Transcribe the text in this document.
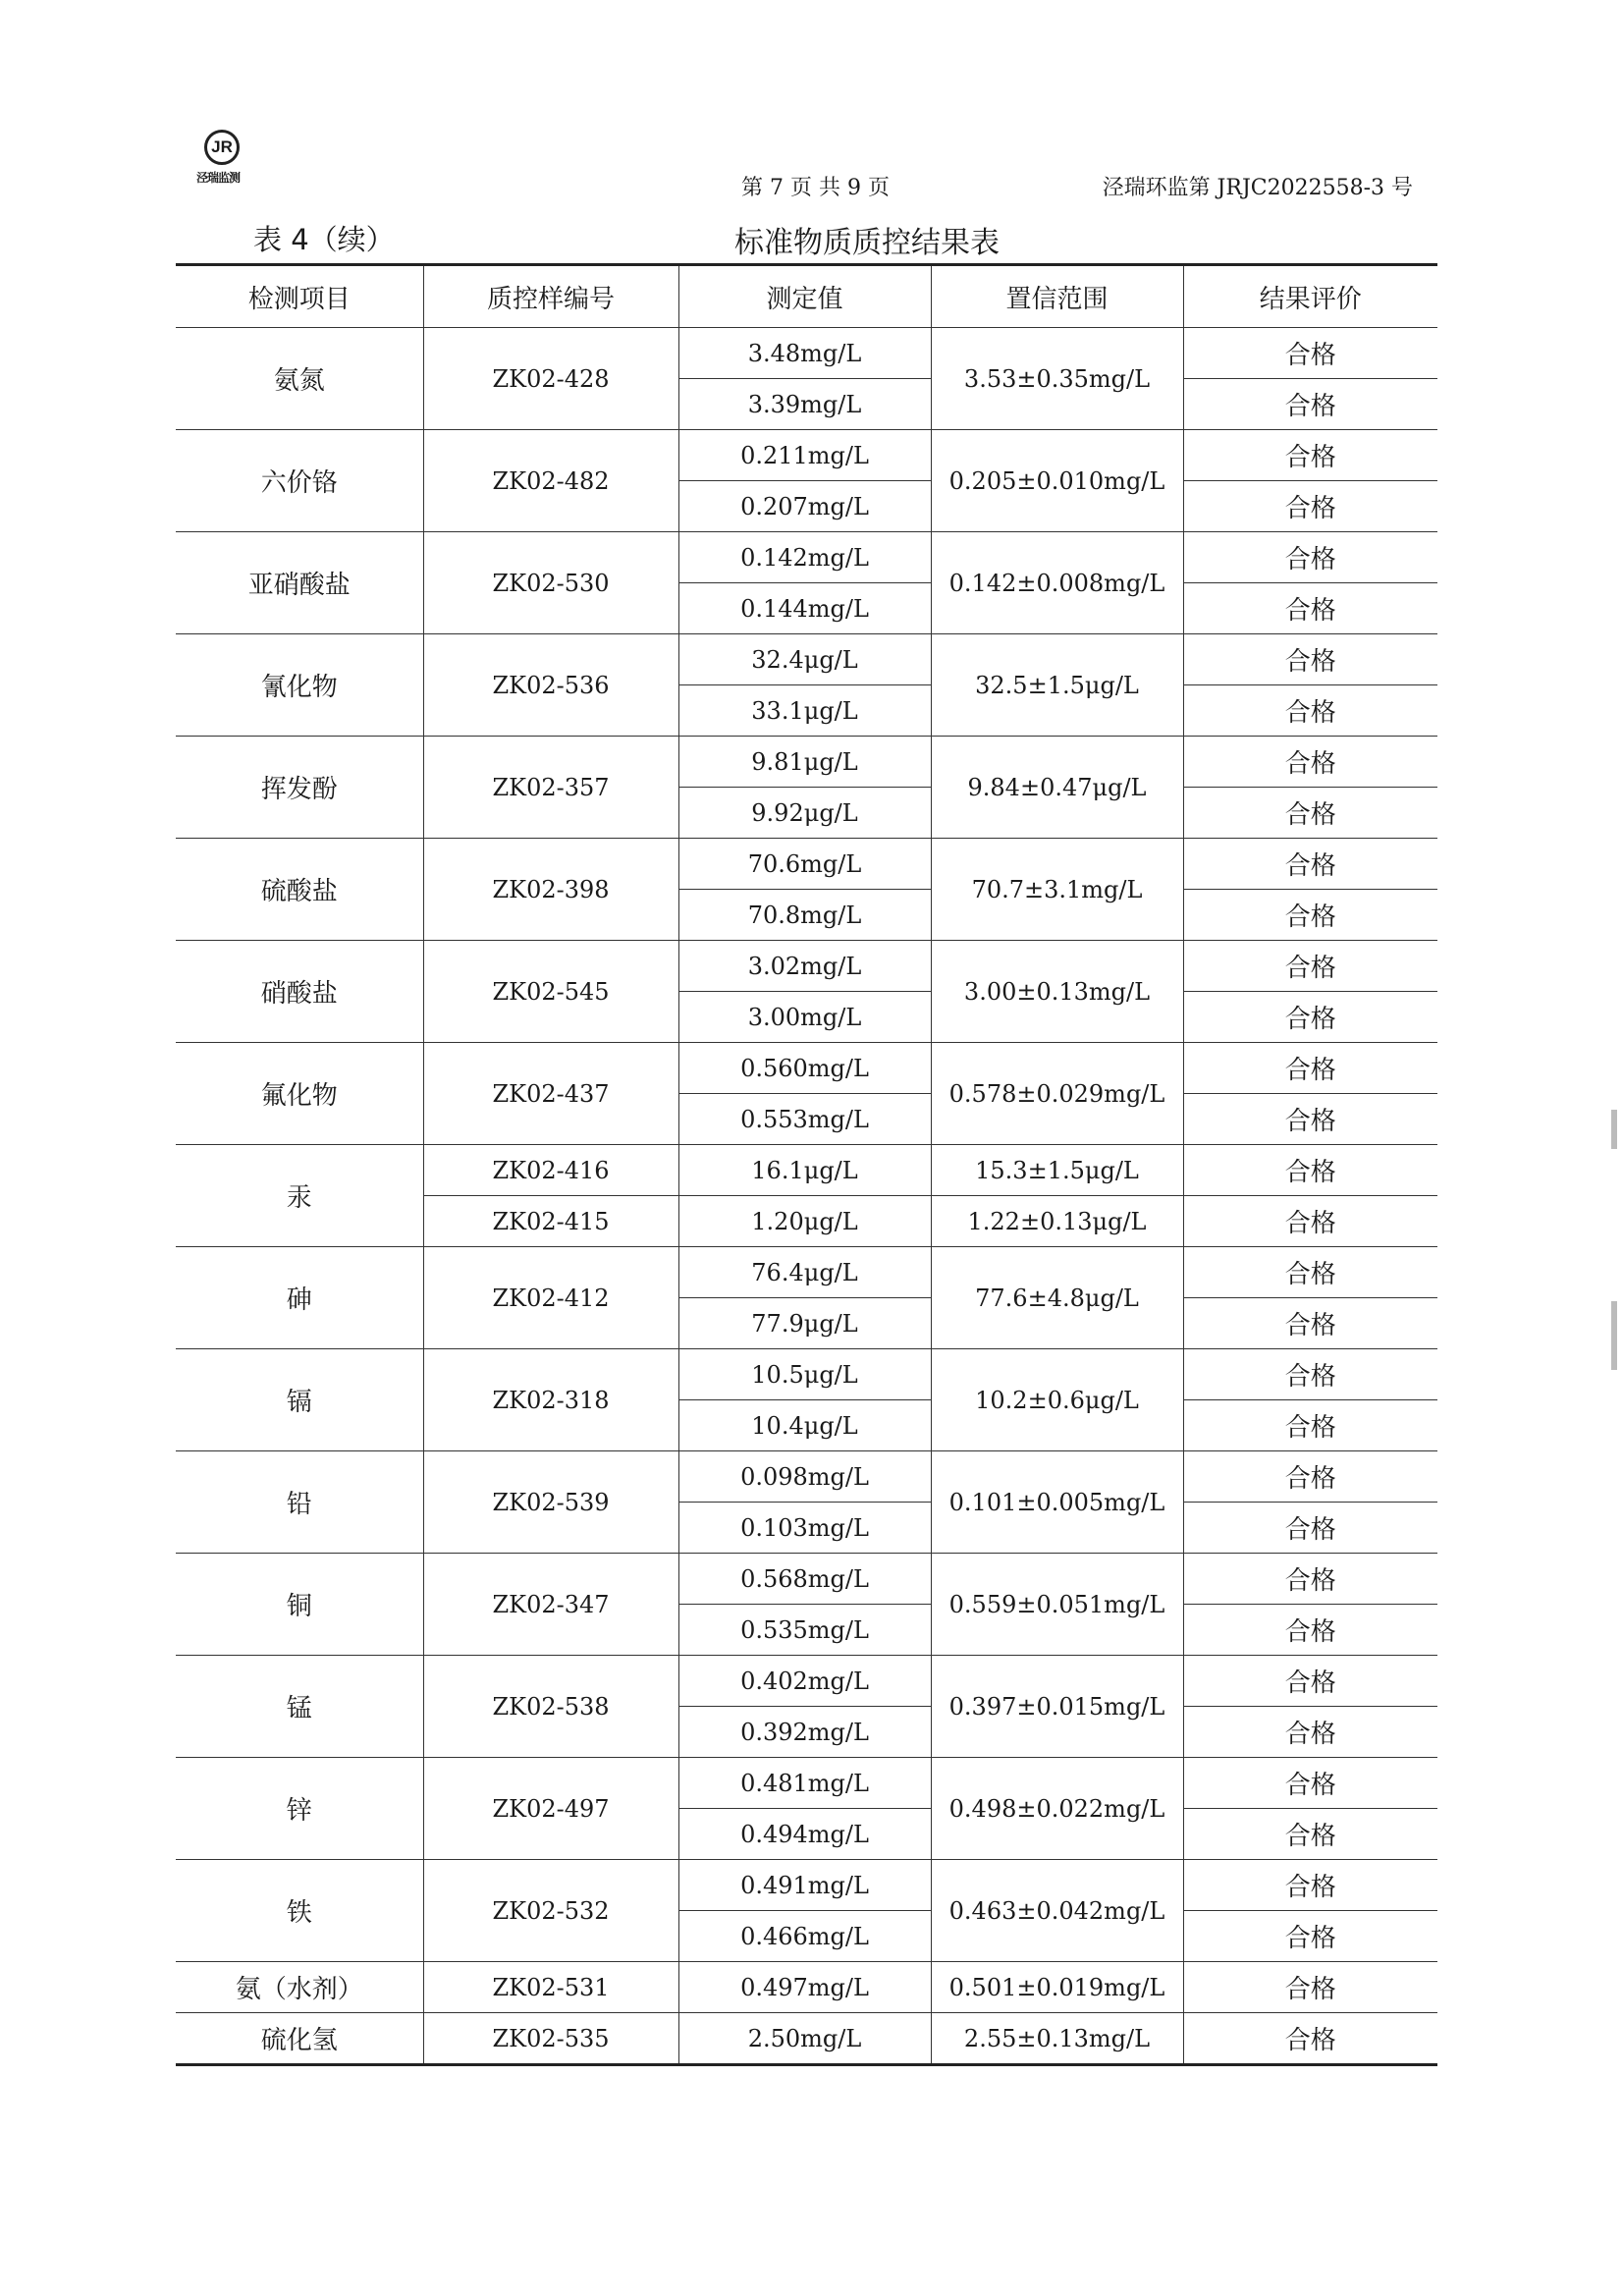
JR
泾瑞监测	第 7 页 共 9 页	泾瑞环监第 JRJC2022558-3 号
表 4（续）	标准物质质控结果表
检测项目	质控样编号	测定值	置信范围	结果评价
氨氮	ZK02-428	3.48mg/L	3.53±0.35mg/L	合格
		3.39mg/L		合格
六价铬	ZK02-482	0.211mg/L	0.205±0.010mg/L	合格
		0.207mg/L		合格
亚硝酸盐	ZK02-530	0.142mg/L	0.142±0.008mg/L	合格
		0.144mg/L		合格
氰化物	ZK02-536	32.4μg/L	32.5±1.5μg/L	合格
		33.1μg/L		合格
挥发酚	ZK02-357	9.81μg/L	9.84±0.47μg/L	合格
		9.92μg/L		合格
硫酸盐	ZK02-398	70.6mg/L	70.7±3.1mg/L	合格
		70.8mg/L		合格
硝酸盐	ZK02-545	3.02mg/L	3.00±0.13mg/L	合格
		3.00mg/L		合格
氟化物	ZK02-437	0.560mg/L	0.578±0.029mg/L	合格
		0.553mg/L		合格
汞	ZK02-416	16.1μg/L	15.3±1.5μg/L	合格
	ZK02-415	1.20μg/L	1.22±0.13μg/L	合格
砷	ZK02-412	76.4μg/L	77.6±4.8μg/L	合格
		77.9μg/L		合格
镉	ZK02-318	10.5μg/L	10.2±0.6μg/L	合格
		10.4μg/L		合格
铅	ZK02-539	0.098mg/L	0.101±0.005mg/L	合格
		0.103mg/L		合格
铜	ZK02-347	0.568mg/L	0.559±0.051mg/L	合格
		0.535mg/L		合格
锰	ZK02-538	0.402mg/L	0.397±0.015mg/L	合格
		0.392mg/L		合格
锌	ZK02-497	0.481mg/L	0.498±0.022mg/L	合格
		0.494mg/L		合格
铁	ZK02-532	0.491mg/L	0.463±0.042mg/L	合格
		0.466mg/L		合格
氨（水剂）	ZK02-531	0.497mg/L	0.501±0.019mg/L	合格
硫化氢	ZK02-535	2.50mg/L	2.55±0.13mg/L	合格
